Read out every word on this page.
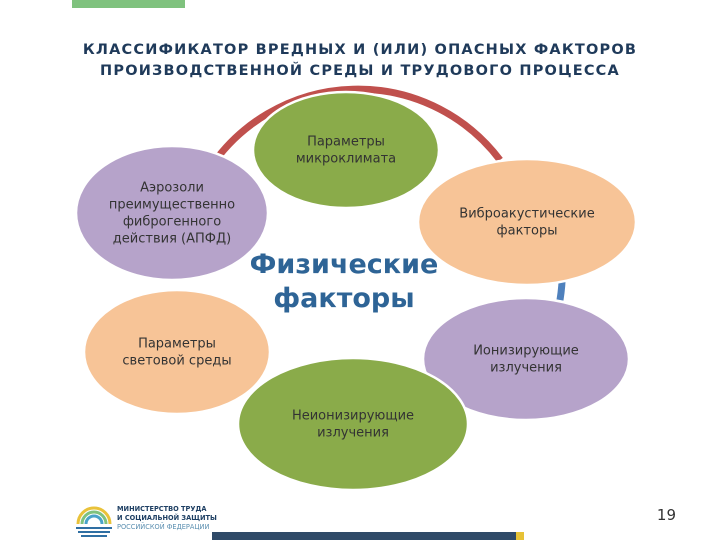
КЛАССИФИКАТОР ВРЕДНЫХ И (ИЛИ) ОПАСНЫХ ФАКТОРОВ
ПРОИЗВОДСТВЕННОЙ СРЕДЫ И ТРУДОВОГО ПРОЦЕССА
Физические
факторы
Параметры
микроклимата
Виброакустические
факторы
Ионизирующие
излучения
Неионизирующие
излучения
Параметры
световой среды
Аэрозоли
преимущественно
фиброгенного
действия (АПФД)
МИНИСТЕРСТВО ТРУДА
И СОЦИАЛЬНОЙ ЗАЩИТЫ
РОССИЙСКОЙ ФЕДЕРАЦИИ
19
